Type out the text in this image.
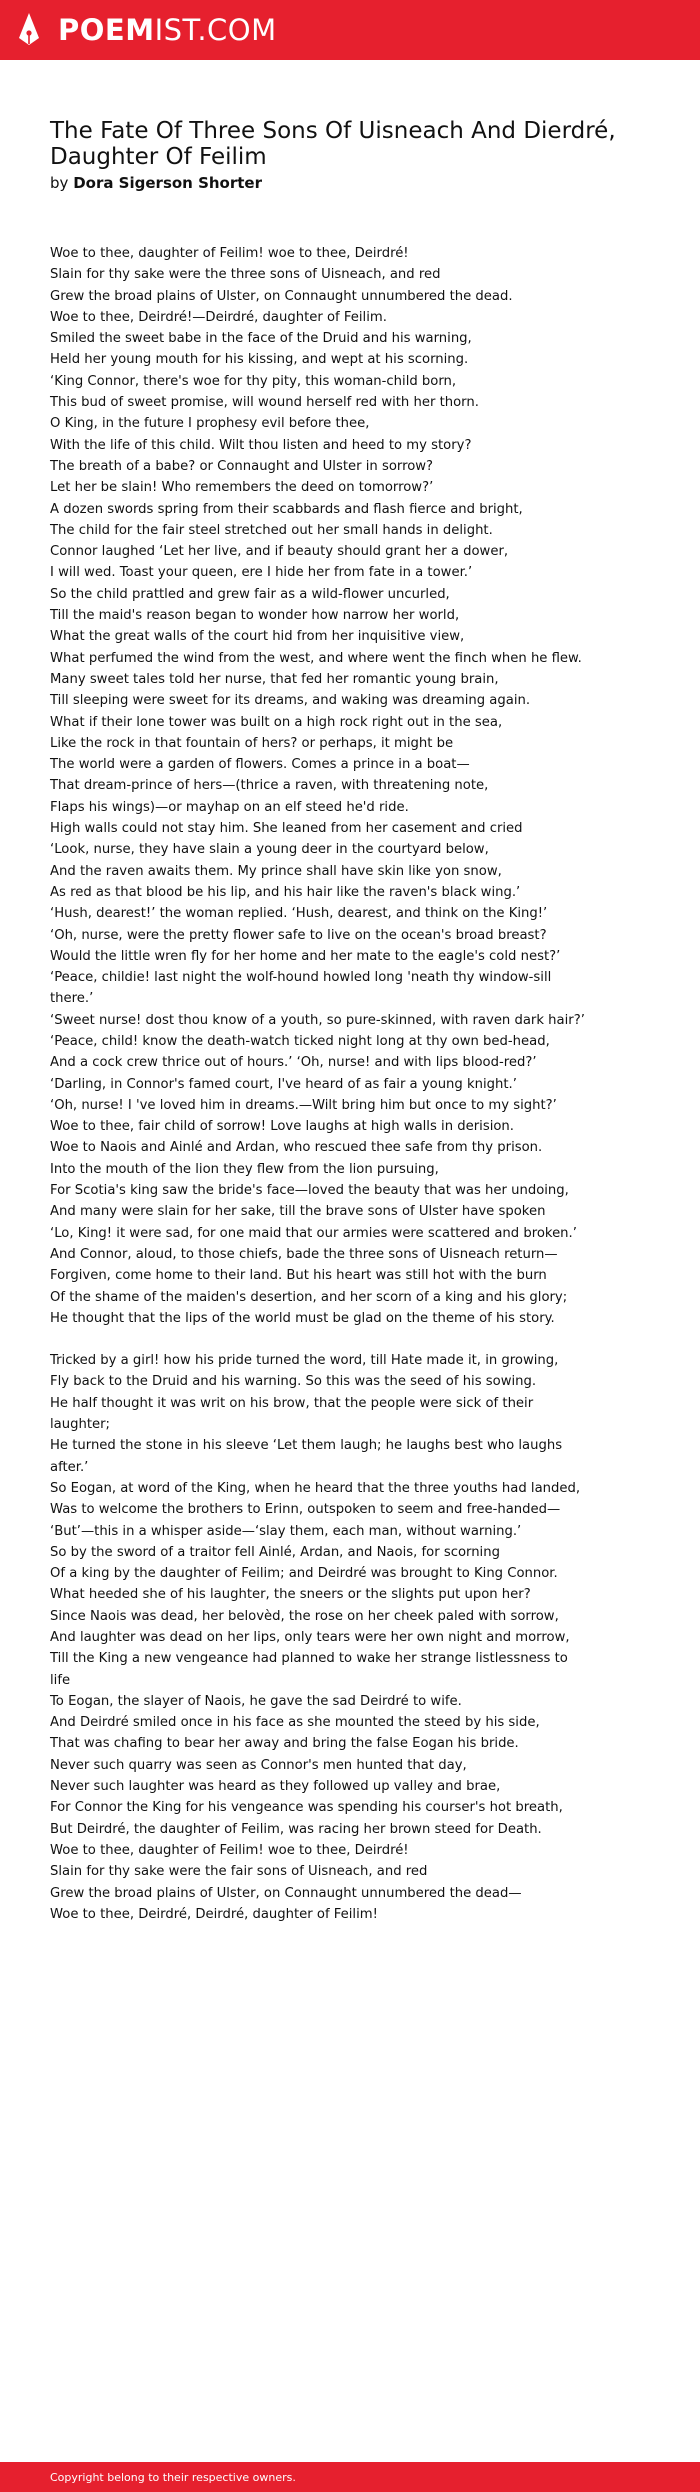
POEMIST.COM
The Fate Of Three Sons Of Uisneach And Dierdré, Daughter Of Feilim
by Dora Sigerson Shorter
Woe to thee, daughter of Feilim! woe to thee, Deirdré!
Slain for thy sake were the three sons of Uisneach, and red
Grew the broad plains of Ulster, on Connaught unnumbered the dead.
Woe to thee, Deirdré!—Deirdré, daughter of Feilim.
Smiled the sweet babe in the face of the Druid and his warning,
Held her young mouth for his kissing, and wept at his scorning.
‘King Connor, there's woe for thy pity, this woman-child born,
This bud of sweet promise, will wound herself red with her thorn.
O King, in the future I prophesy evil before thee,
With the life of this child. Wilt thou listen and heed to my story?
The breath of a babe? or Connaught and Ulster in sorrow?
Let her be slain! Who remembers the deed on tomorrow?’
A dozen swords spring from their scabbards and flash fierce and bright,
The child for the fair steel stretched out her small hands in delight.
Connor laughed ‘Let her live, and if beauty should grant her a dower,
I will wed. Toast your queen, ere I hide her from fate in a tower.’
So the child prattled and grew fair as a wild-flower uncurled,
Till the maid's reason began to wonder how narrow her world,
What the great walls of the court hid from her inquisitive view,
What perfumed the wind from the west, and where went the finch when he flew.
Many sweet tales told her nurse, that fed her romantic young brain,
Till sleeping were sweet for its dreams, and waking was dreaming again.
What if their lone tower was built on a high rock right out in the sea,
Like the rock in that fountain of hers? or perhaps, it might be
The world were a garden of flowers. Comes a prince in a boat—
That dream-prince of hers—(thrice a raven, with threatening note,
Flaps his wings)—or mayhap on an elf steed he'd ride.
High walls could not stay him. She leaned from her casement and cried
‘Look, nurse, they have slain a young deer in the courtyard below,
And the raven awaits them. My prince shall have skin like yon snow,
As red as that blood be his lip, and his hair like the raven's black wing.’
‘Hush, dearest!’ the woman replied. ‘Hush, dearest, and think on the King!’
‘Oh, nurse, were the pretty flower safe to live on the ocean's broad breast?
Would the little wren fly for her home and her mate to the eagle's cold nest?’
‘Peace, childie! last night the wolf-hound howled long 'neath thy window-sill there.’
‘Sweet nurse! dost thou know of a youth, so pure-skinned, with raven dark hair?’
‘Peace, child! know the death-watch ticked night long at thy own bed-head,
And a cock crew thrice out of hours.’ ‘Oh, nurse! and with lips blood-red?’
‘Darling, in Connor's famed court, I've heard of as fair a young knight.’
‘Oh, nurse! I 've loved him in dreams.—Wilt bring him but once to my sight?’
Woe to thee, fair child of sorrow! Love laughs at high walls in derision.
Woe to Naois and Ainlé and Ardan, who rescued thee safe from thy prison.
Into the mouth of the lion they flew from the lion pursuing,
For Scotia's king saw the bride's face—loved the beauty that was her undoing,
And many were slain for her sake, till the brave sons of Ulster have spoken
‘Lo, King! it were sad, for one maid that our armies were scattered and broken.’
And Connor, aloud, to those chiefs, bade the three sons of Uisneach return—
Forgiven, come home to their land. But his heart was still hot with the burn
Of the shame of the maiden's desertion, and her scorn of a king and his glory;
He thought that the lips of the world must be glad on the theme of his story.
Tricked by a girl! how his pride turned the word, till Hate made it, in growing,
Fly back to the Druid and his warning. So this was the seed of his sowing.
He half thought it was writ on his brow, that the people were sick of their laughter;
He turned the stone in his sleeve ‘Let them laugh; he laughs best who laughs after.’
So Eogan, at word of the King, when he heard that the three youths had landed,
Was to welcome the brothers to Erinn, outspoken to seem and free-handed—
‘But’—this in a whisper aside—‘slay them, each man, without warning.’
So by the sword of a traitor fell Ainlé, Ardan, and Naois, for scorning
Of a king by the daughter of Feilim; and Deirdré was brought to King Connor.
What heeded she of his laughter, the sneers or the slights put upon her?
Since Naois was dead, her belovèd, the rose on her cheek paled with sorrow,
And laughter was dead on her lips, only tears were her own night and morrow,
Till the King a new vengeance had planned to wake her strange listlessness to life
To Eogan, the slayer of Naois, he gave the sad Deirdré to wife.
And Deirdré smiled once in his face as she mounted the steed by his side,
That was chafing to bear her away and bring the false Eogan his bride.
Never such quarry was seen as Connor's men hunted that day,
Never such laughter was heard as they followed up valley and brae,
For Connor the King for his vengeance was spending his courser's hot breath,
But Deirdré, the daughter of Feilim, was racing her brown steed for Death.
Woe to thee, daughter of Feilim! woe to thee, Deirdré!
Slain for thy sake were the fair sons of Uisneach, and red
Grew the broad plains of Ulster, on Connaught unnumbered the dead—
Woe to thee, Deirdré, Deirdré, daughter of Feilim!
Copyright belong to their respective owners.
